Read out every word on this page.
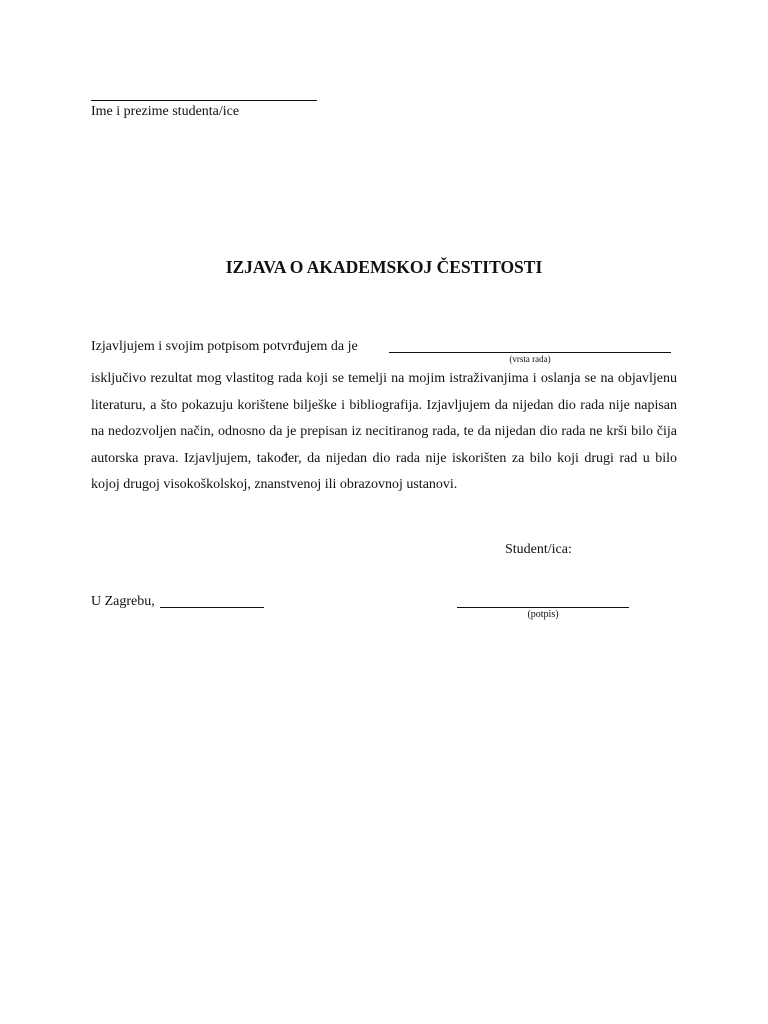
Ime i prezime studenta/ice
IZJAVA O AKADEMSKOJ ČESTITOSTI
Izjavljujem i svojim potpisom potvrđujem da je
(vrsta rada)
isključivo rezultat mog vlastitog rada koji se temelji na mojim istraživanjima i oslanja se na objavljenu literaturu, a što pokazuju korištene bilješke i bibliografija. Izjavljujem da nijedan dio rada nije napisan na nedozvoljen način, odnosno da je prepisan iz necitiranog rada, te da nijedan dio rada ne krši bilo čija autorska prava. Izjavljujem, također, da nijedan dio rada nije iskorišten za bilo koji drugi rad u bilo kojoj drugoj visokoškolskoj, znanstvenoj ili obrazovnoj ustanovi.
Student/ica:
U Zagrebu,
(potpis)
